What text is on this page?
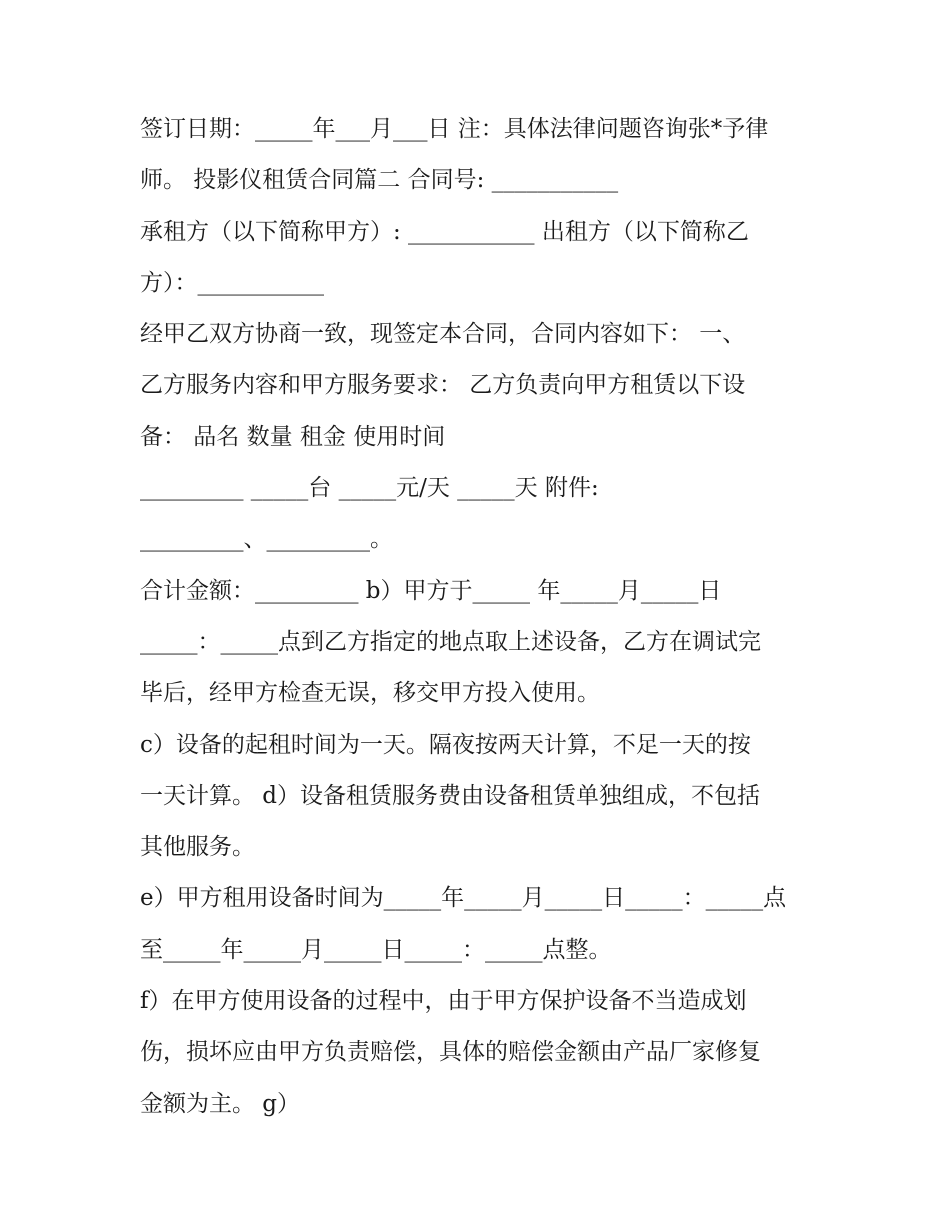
签订日期：_____年___月___日 注：具体法律问题咨询张*予律
师。 投影仪租赁合同篇二 合同号: ___________
承租方（以下简称甲方）: ___________ 出租方（以下简称乙
方）：___________
经甲乙双方协商一致，现签定本合同，合同内容如下： 一、
乙方服务内容和甲方服务要求： 乙方负责向甲方租赁以下设
备： 品名 数量 租金 使用时间
_________ _____台 _____元/天 _____天 附件:
_________、_________。
合计金额：_________ b）甲方于_____ 年_____月_____日
_____：_____点到乙方指定的地点取上述设备，乙方在调试完
毕后，经甲方检查无误，移交甲方投入使用。
c）设备的起租时间为一天。隔夜按两天计算，不足一天的按
一天计算。 d）设备租赁服务费由设备租赁单独组成，不包括
其他服务。
e）甲方租用设备时间为_____年_____月_____日_____：_____点
至_____年_____月_____日_____：_____点整。
f）在甲方使用设备的过程中，由于甲方保护设备不当造成划
伤，损坏应由甲方负责赔偿，具体的赔偿金额由产品厂家修复
金额为主。 g）
